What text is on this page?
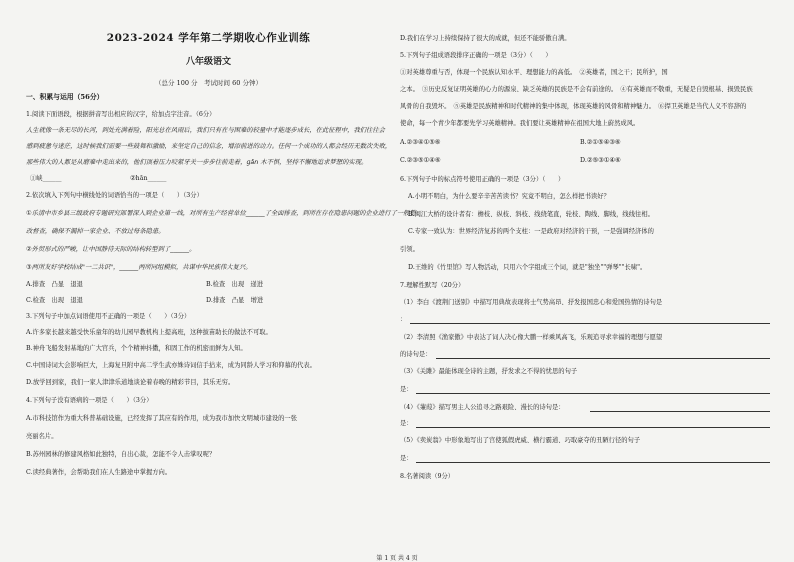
2023-2024 学年第二学期收心作业训练
八年级语文
（总分 100 分　考试时间 60 分钟）
一、积累与运用（56分）
1.阅读下面语段，根据拼音写出相应的汉字，给加点字注音。（6分）
人生就像一条无尽的长河，到处充满着险，阳光总在风雨后，我们只有在与困难的较量中才能逐步成长，在此征程中，我们往往会
感到疲惫与迷茫，这时候我们需要一些鼓舞和激励，来坚定自己的信念，增添前进的动力。任何一个成功的人都会经历无数次失败，
那些伟大的人都是从磨难中走出来的，他们顶着压力咬紧牙关一步步往前走着，ɡǎn 木不惧，坚持不懈地追求梦想的实现。
①峡______	②hān______
2.依次填入下列句中横线处的词语恰当的一项是（　　）（3分）
①乐清中市乡县三级政府专题研究部署深入到企业第一线，对所有生产经营单位______了全面排查，到所在存在隐患问题的企业进行了一般整
改督查，确保不漏掉一家企业、不放过每条隐患。
②外贸形式的严峻，让中国静待天际的结构转型到了______。
③两所友好学校结成"一二共识"，______两所同组模拟，共谋中华民族伟大复兴。
A.排查　凸显　退退	B.检查　出现　递进
C.检查　出现　退退	D.排查　凸显　增进
3.下列句子中加点词语使用不正确的一项是（　　）（3分）
A.许多家长越来越受快乐童年的幼儿园早教机构上提高班，这种拔苗助长的做法不可取。
B.神舟飞船发射基地的广大官兵，个个精神抖擞，和固工作的机密而鲜为人知。
C.中国诗词大会影响巨大，上海复旦附中高二学生武亦姝诗词信手拈来，成为同龄人学习和仰慕的代表。
D.放学回到家，我们一家人津津乐道地谈论着春晚的精彩节目，其乐无穷。
4.下列句子没有语病的一项是（　　）（3分）
A.市科技馆作为重大科普基础设施，已经发挥了其应有的作用，成为我市加快文明城市建设的一张
亮丽名片。
B.苏州园林的修建风格如此独特，自出心裁，怎能不令人击掌叹呢？
C.读经典著作，会帮助我们在人生路途中掌握方向。
D.我们在学习上持续保持了很大的成就，但还不能骄傲自满。
5.下列句子组成语段排序正确的一项是（3分）（　　）
①对英雄尊重与否，体现一个民族认知水平、理想能力的高低。　②英雄者，国之干；民所护，国
之本。　③历史反复证明英雄的心力的源泉、缺乏英雄的民族是不会有前途的。　④有英雄而不敬重，无疑是自毁根基、损毁民族
风骨的自我毁坏。　⑤英雄是民族精神和时代精神的集中体现，体现英雄的风骨和精神魅力。　⑥捍卫英雄是当代人义不容辞的
使命，每一个青少年都要先学习英雄精神。我们要让英雄精神在祖国大地上蔚然成风。
A.②③④①⑤⑥	B.②①⑤④③⑥
C.②③⑤①④⑥	D.②⑤③①④⑥
6.下列句子中的标点符号使用正确的一项是（3分）（　　）
A.小明不明白，为什么要辛辛苦苦读书？究竟不明白，怎么样把书读好？
B.闽江大桥的设计者有：檐枝、纵枝、斜枝、线绕笔直，轮枝、陶线、脚线，线线往相。
C.专家一致认为：世界经济复苏的两个支柱：一是政府对经济的干预，一是强调经济体的
引领。
D.王维的《竹里馆》写人物活动，只用六个字组成三个词，就是"独坐""弹琴""长啸"。
7.理解性默写（20分）
（1）李白《渡荆门送别》中描写用典故表现将士气势高昂、抒发报国忠心和爱国热情的诗句是
：
（2）李清照《渔家傲》中表达了词人决心像大鹏一样乘风高飞，乐观追寻求幸福的理想与愿望
的诗句是：
（3）《关雎》最能体现全诗的主题，抒发求之不得的忧思的句子
是：
（4）《蒹葭》描写男主人公追寻之路艰险、漫长的诗句是：
是：
（5）《卖炭翁》中形象地写出了宫使狐假虎威、横行霸道、巧取豪夺的丑陋行径的句子
是：
8.名著阅读（9分）
第 1 页 共 4 页
